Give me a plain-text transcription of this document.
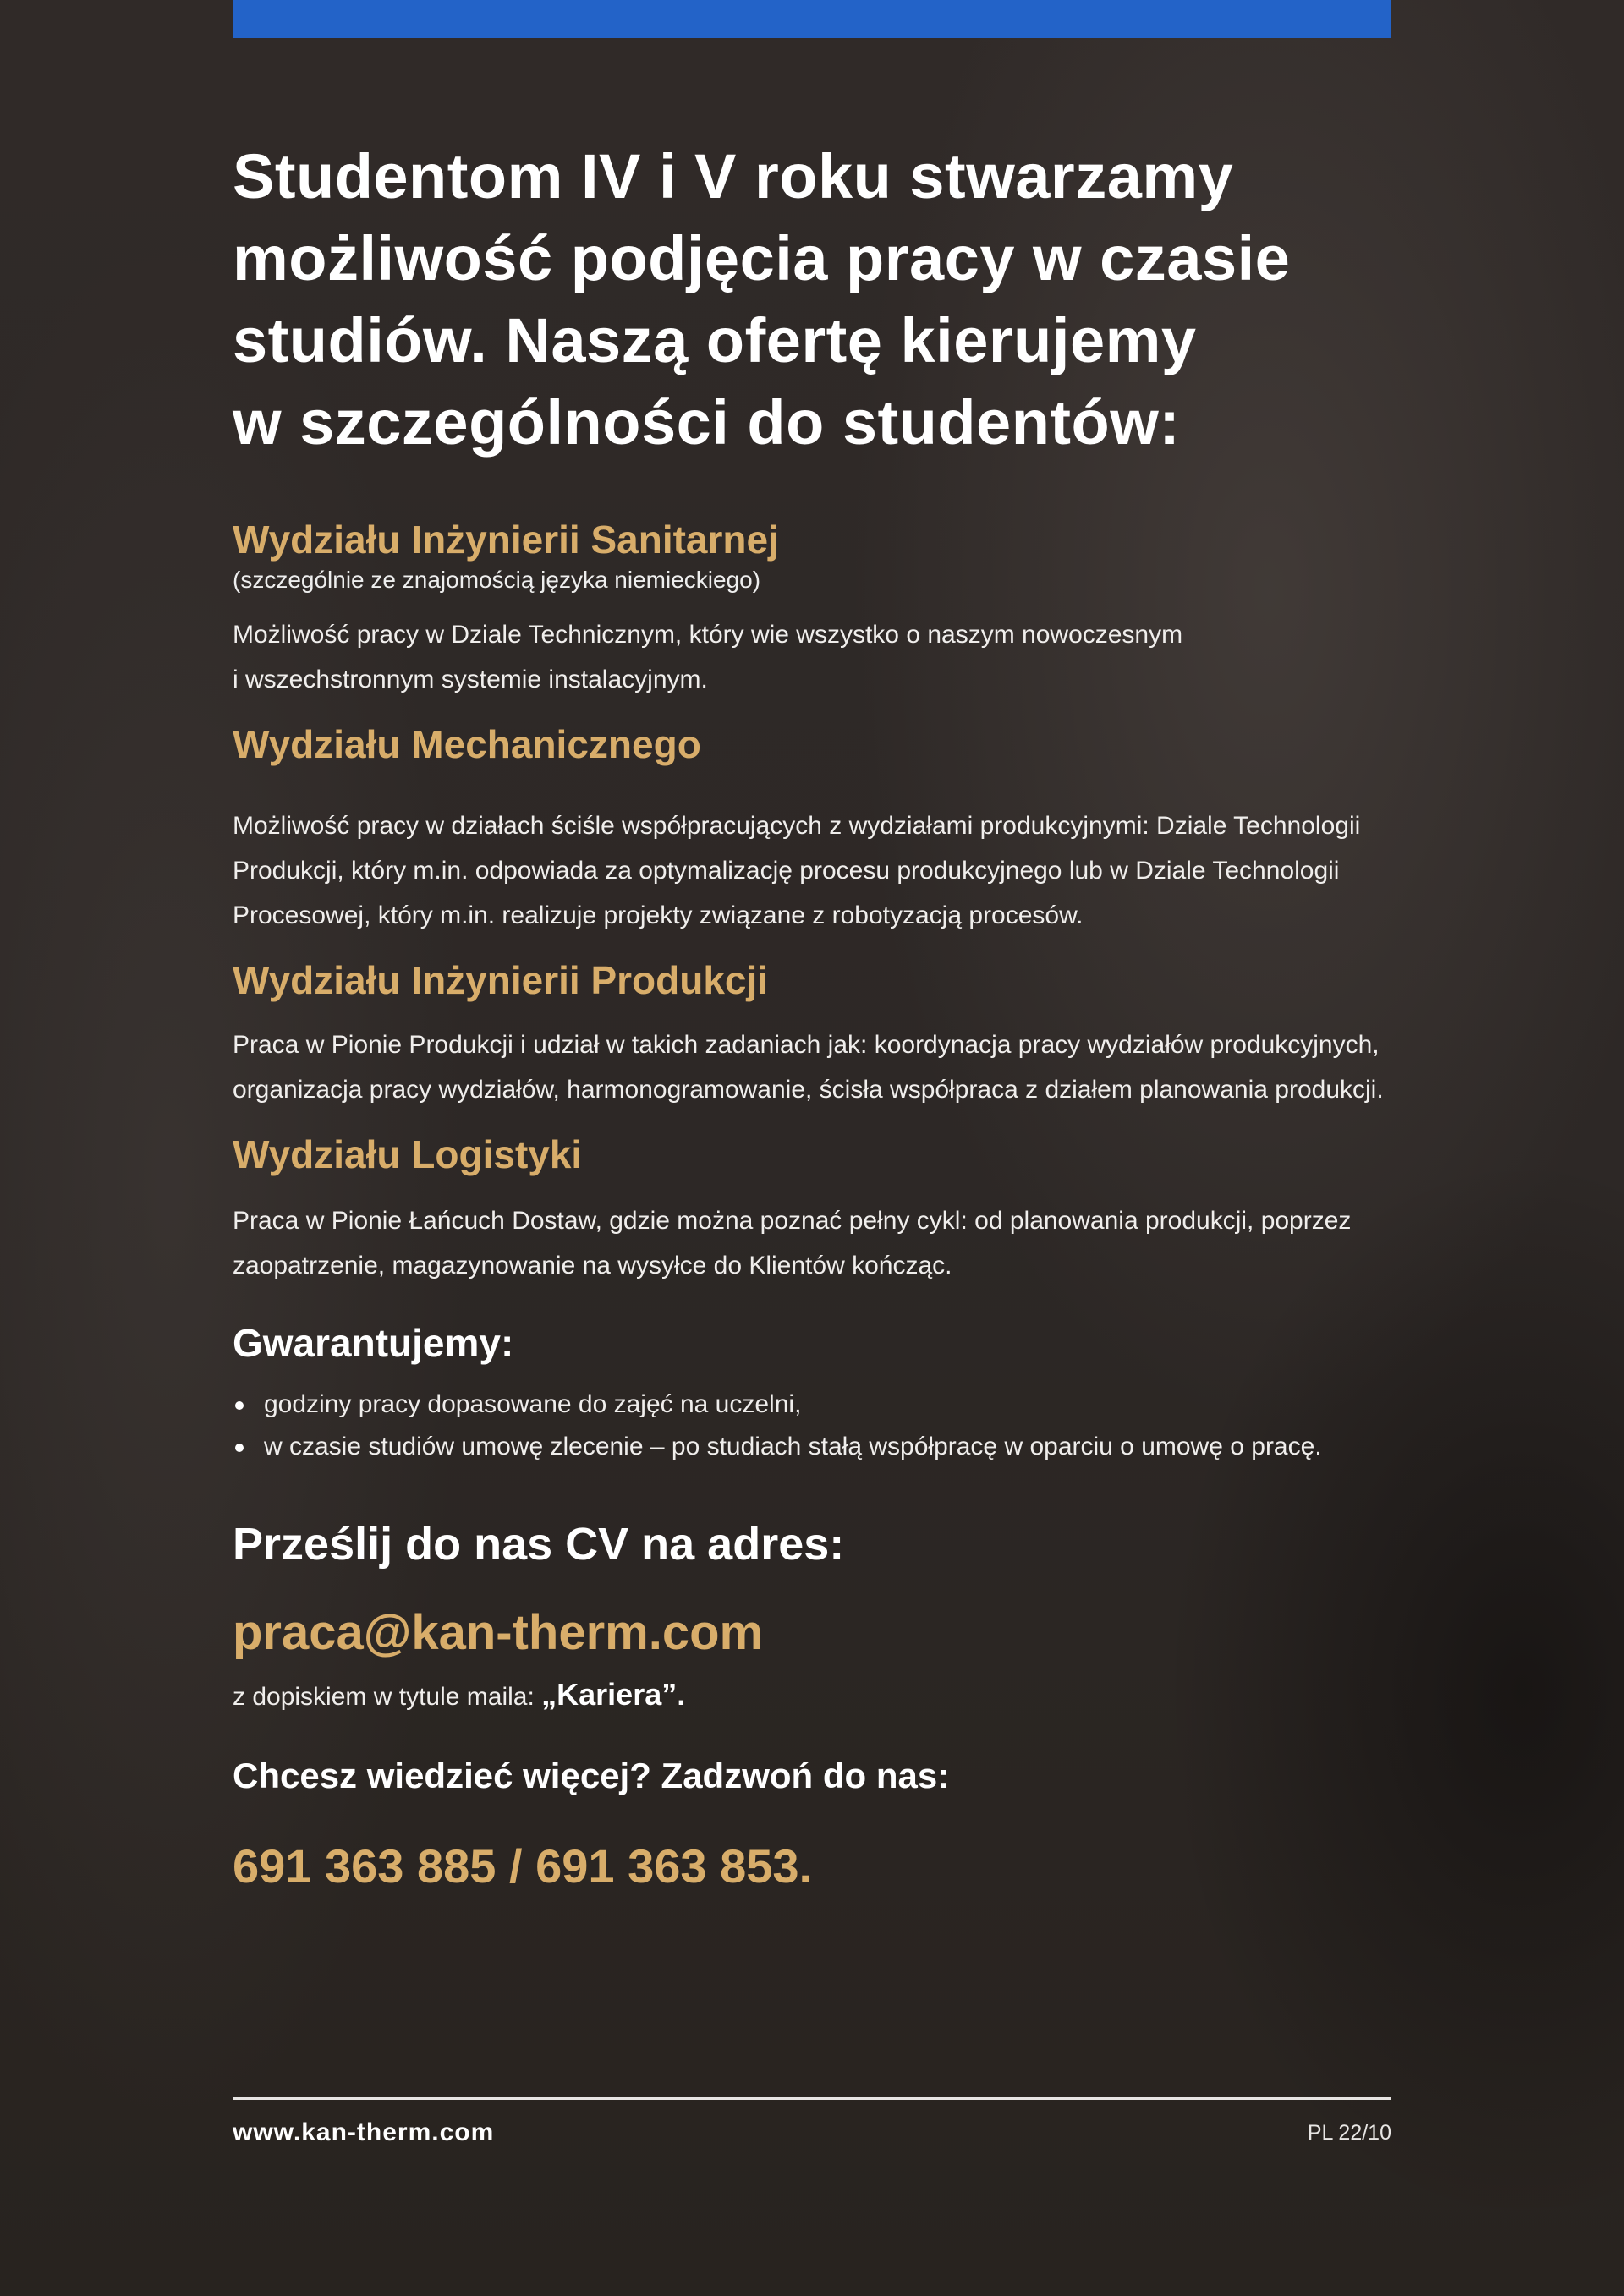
Studentom IV i V roku stwarzamy
możliwość podjęcia pracy w czasie
studiów. Naszą ofertę kierujemy
w szczególności do studentów:
Wydziału Inżynierii Sanitarnej
(szczególnie ze znajomością języka niemieckiego)
Możliwość pracy w Dziale Technicznym, który wie wszystko o naszym nowoczesnym
i wszechstronnym systemie instalacyjnym.
Wydziału Mechanicznego
Możliwość pracy w działach ściśle współpracujących z wydziałami produkcyjnymi: Dziale Technologii
Produkcji, który m.in. odpowiada za optymalizację procesu produkcyjnego lub w Dziale Technologii
Procesowej, który m.in. realizuje projekty związane z robotyzacją procesów.
Wydziału Inżynierii Produkcji
Praca w Pionie Produkcji i udział w takich zadaniach jak: koordynacja pracy wydziałów produkcyjnych,
organizacja pracy wydziałów, harmonogramowanie, ścisła współpraca z działem planowania produkcji.
Wydziału Logistyki
Praca w Pionie Łańcuch Dostaw, gdzie można poznać pełny cykl: od planowania produkcji, poprzez
zaopatrzenie, magazynowanie na wysyłce do Klientów kończąc.
Gwarantujemy:
godziny pracy dopasowane do zajęć na uczelni,
w czasie studiów umowę zlecenie – po studiach stałą współpracę w oparciu o umowę o pracę.
Prześlij do nas CV na adres:
praca@kan-therm.com
z dopiskiem w tytule maila: „Kariera”.
Chcesz wiedzieć więcej? Zadzwoń do nas:
691 363 885 / 691 363 853.
www.kan-therm.com	PL 22/10
